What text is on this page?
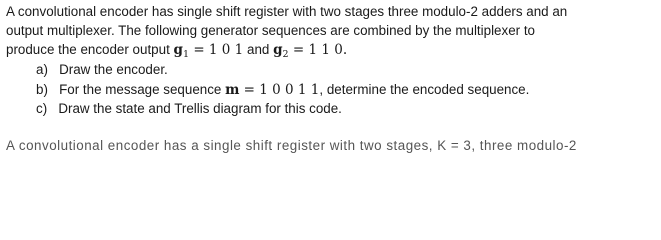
A convolutional encoder has single shift register with two stages three modulo-2 adders and an
output multiplexer. The following generator sequences are combined by the multiplexer to
produce the encoder output $g_1 = 1$ 0 1 and $g_2 = 1$ 1 0.
a) Draw the encoder.
b) For the message sequence m = 1 0 0 1 1, determine the encoded sequence.
c) Draw the state and Trellis diagram for this code.
A convolutional encoder has a single shift register with two stages, K = 3, three modulo-2
